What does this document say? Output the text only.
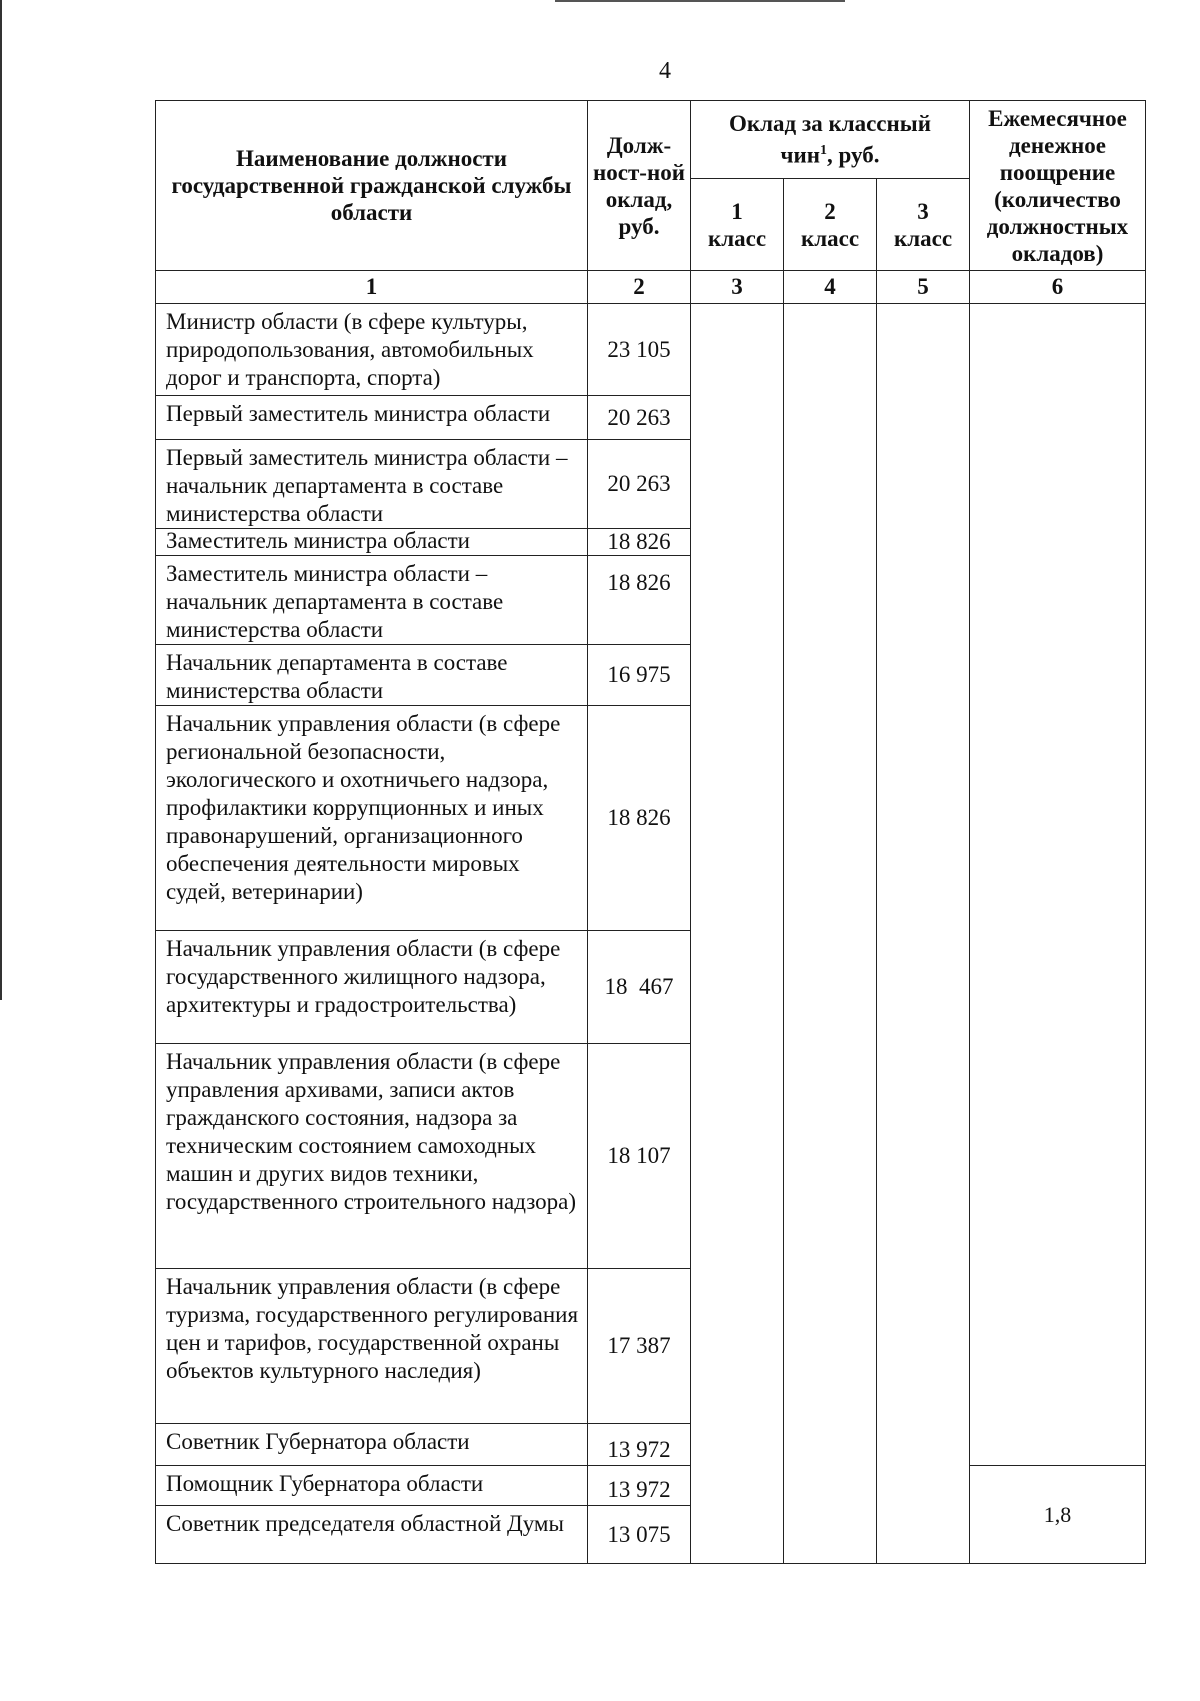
4
Наименование должности государственной гражданской службы области	Долж-ност-ной оклад, руб.	Оклад за классный чин$^1$, руб.			Ежемесячное денежное поощрение (количество должностных окладов)
		1 класс	2 класс	3 класс	
1	2	3	4	5	6
Министр области (в сфере культуры, природопользования, автомобильных дорог и транспорта, спорта)	23 105				
Первый заместитель министра области	20 263				
Первый заместитель министра области – начальник департамента в составе министерства области	20 263				
Заместитель министра области	18 826				
Заместитель министра области – начальник департамента в составе министерства области	18 826				
Начальник департамента в составе министерства области	16 975				
Начальник управления области (в сфере региональной безопасности, экологического и охотничьего надзора, профилактики коррупционных и иных правонарушений, организационного обеспечения деятельности мировых судей, ветеринарии)	18 826				
Начальник управления области (в сфере государственного жилищного надзора, архитектуры и градостроительства)	18  467				
Начальник управления области (в сфере управления архивами, записи актов гражданского состояния, надзора за техническим состоянием самоходных машин и других видов техники, государственного строительного надзора)	18 107				
Начальник управления области (в сфере туризма, государственного регулирования цен и тарифов, государственной охраны объектов культурного наследия)	17 387				
Советник Губернатора области	13 972				
Помощник Губернатора области	13 972				1,8
Советник председателя областной Думы	13 075				
